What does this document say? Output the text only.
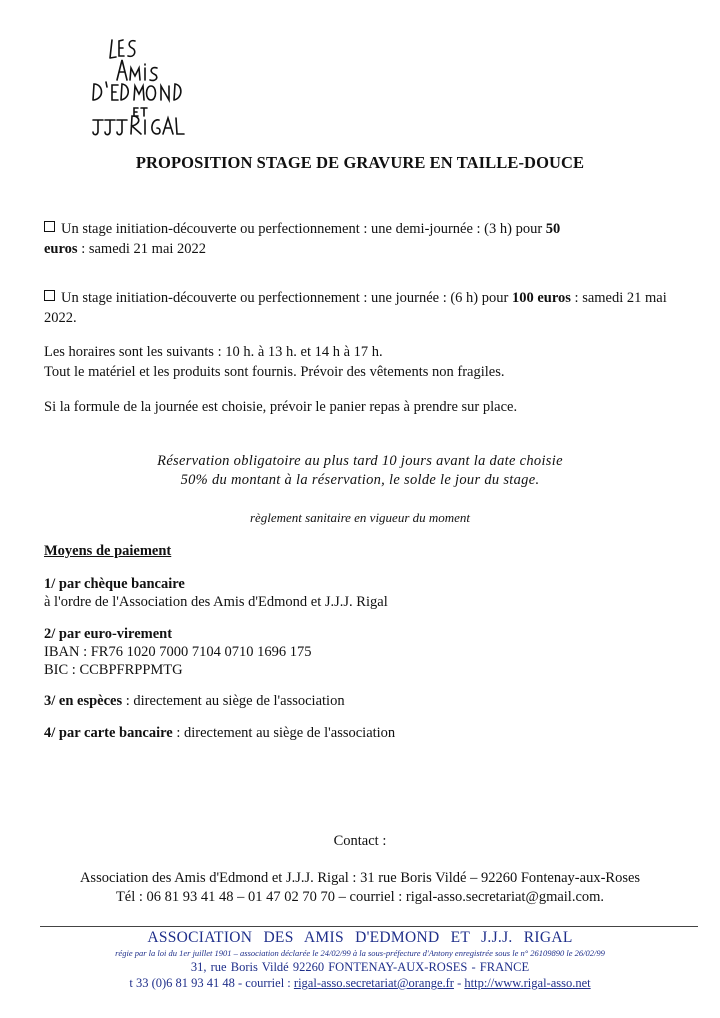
PROPOSITION STAGE DE GRAVURE EN TAILLE-DOUCE
Un stage initiation-découverte ou perfectionnement : une demi-journée : (3 h) pour 50
euros : samedi 21 mai 2022
Un stage initiation-découverte ou perfectionnement : une journée : (6 h) pour 100 euros : samedi 21 mai 2022.
Les horaires sont les suivants : 10 h. à 13 h. et 14 h à 17 h.
Tout le matériel et les produits sont fournis. Prévoir des vêtements non fragiles.
Si la formule de la journée est choisie, prévoir le panier repas à prendre sur place.
Réservation obligatoire au plus tard 10 jours avant la date choisie
50% du montant à la réservation, le solde le jour du stage.
règlement sanitaire en vigueur du moment
Moyens de paiement
1/ par chèque bancaire
à l'ordre de l'Association des Amis d'Edmond et J.J.J. Rigal
2/ par euro-virement
IBAN : FR76 1020 7000 7104 0710 1696 175
BIC : CCBPFRPPMTG
3/ en espèces : directement au siège de l'association
4/ par carte bancaire : directement au siège de l'association
Contact :
Association des Amis d'Edmond et J.J.J. Rigal : 31 rue Boris Vildé – 92260 Fontenay-aux-Roses
Tél : 06 81 93 41 48 – 01 47 02 70 70 – courriel : rigal-asso.secretariat@gmail.com.
ASSOCIATION DES AMIS D'EDMOND ET J.J.J. RIGAL
régie par la loi du 1er juillet 1901 – association déclarée le 24/02/99 à la sous-préfecture d'Antony enregistrée sous le n° 26109890 le 26/02/99
31, rue Boris Vildé 92260 FONTENAY-AUX-ROSES - FRANCE
t 33 (0)6 81 93 41 48 - courriel : rigal-asso.secretariat@orange.fr - http://www.rigal-asso.net
